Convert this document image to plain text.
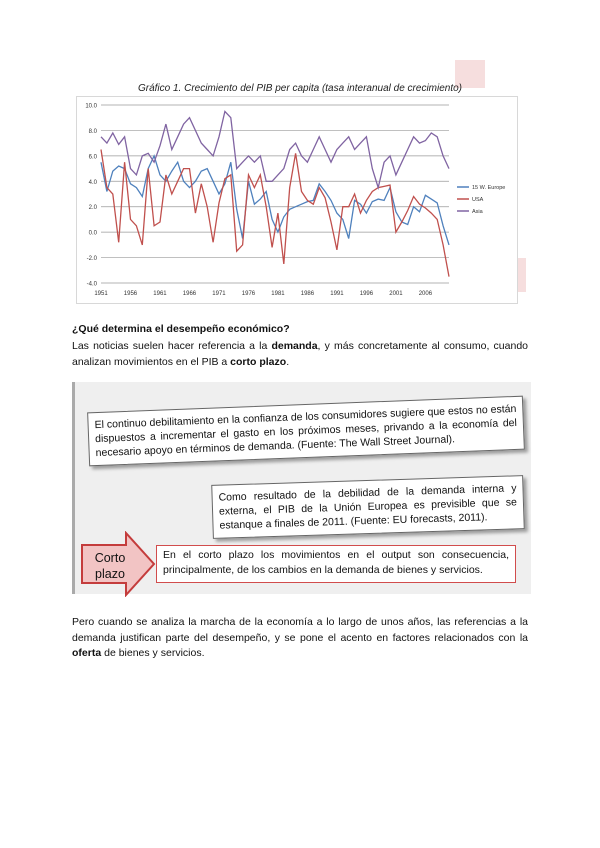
Gráfico 1. Crecimiento del PIB per capita (tasa interanual de crecimiento)
10.0
8.0
6.0
4.0
2.0
0.0
-2.0
-4.0
1951	1956	1961	1966	1971	1976	1981	1986	1991	1996	2001	2006
15 W. Europe
USA
Asia
¿Qué determina el desempeño económico?
Las noticias suelen hacer referencia a la demanda, y más concretamente al consumo, cuando analizan movimientos en el PIB a corto plazo.
El continuo debilitamiento en la confianza de los consumidores sugiere que estos no están dispuestos a incrementar el gasto en los próximos meses, privando a la economía del necesario apoyo en términos de demanda. (Fuente: The Wall Street Journal).
Como resultado de la debilidad de la demanda interna y externa, el PIB de la Unión Europea es previsible que se estanque a finales de 2011. (Fuente: EU forecasts, 2011).
Corto plazo
En el corto plazo los movimientos en el output son consecuencia, principalmente, de los cambios en la demanda de bienes y servicios.
Pero cuando se analiza la marcha de la economía a lo largo de unos años, las referencias a la demanda justifican parte del desempeño, y se pone el acento en factores relacionados con la oferta de bienes y servicios.
